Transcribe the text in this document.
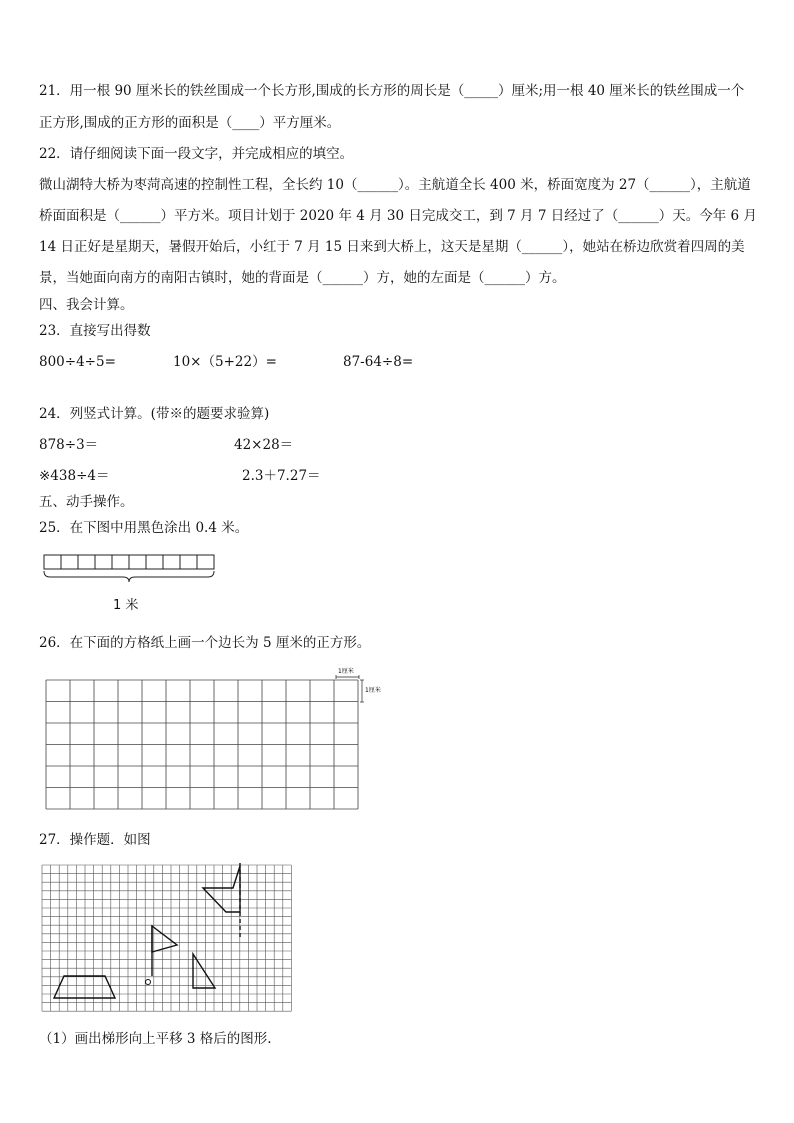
21．用一根 90 厘米长的铁丝围成一个长方形,围成的长方形的周长是（_____）厘米;用一根 40 厘米长的铁丝围成一个
正方形,围成的正方形的面积是（____）平方厘米。
22．请仔细阅读下面一段文字，并完成相应的填空。
微山湖特大桥为枣菏高速的控制性工程，全长约 10（______）。主航道全长 400 米，桥面宽度为 27（______），主航道
桥面面积是（______）平方米。项目计划于 2020 年 4 月 30 日完成交工，到 7 月 7 日经过了（______）天。今年 6 月
14 日正好是星期天，暑假开始后，小红于 7 月 15 日来到大桥上，这天是星期（______），她站在桥边欣赏着四周的美
景，当她面向南方的南阳古镇时，她的背面是（______）方，她的左面是（______）方。
四、我会计算。
23．直接写出得数
800÷4÷5=	10×（5+22）=	87-64÷8=
24．列竖式计算。(带※的题要求验算)
878÷3＝	42×28＝
※438÷4＝	2.3＋7.27＝
五、动手操作。
25．在下图中用黑色涂出 0.4 米。
1 米
26．在下面的方格纸上画一个边长为 5 厘米的正方形。
1厘米
1厘米
27．操作题．如图
（1）画出梯形向上平移 3 格后的图形.
